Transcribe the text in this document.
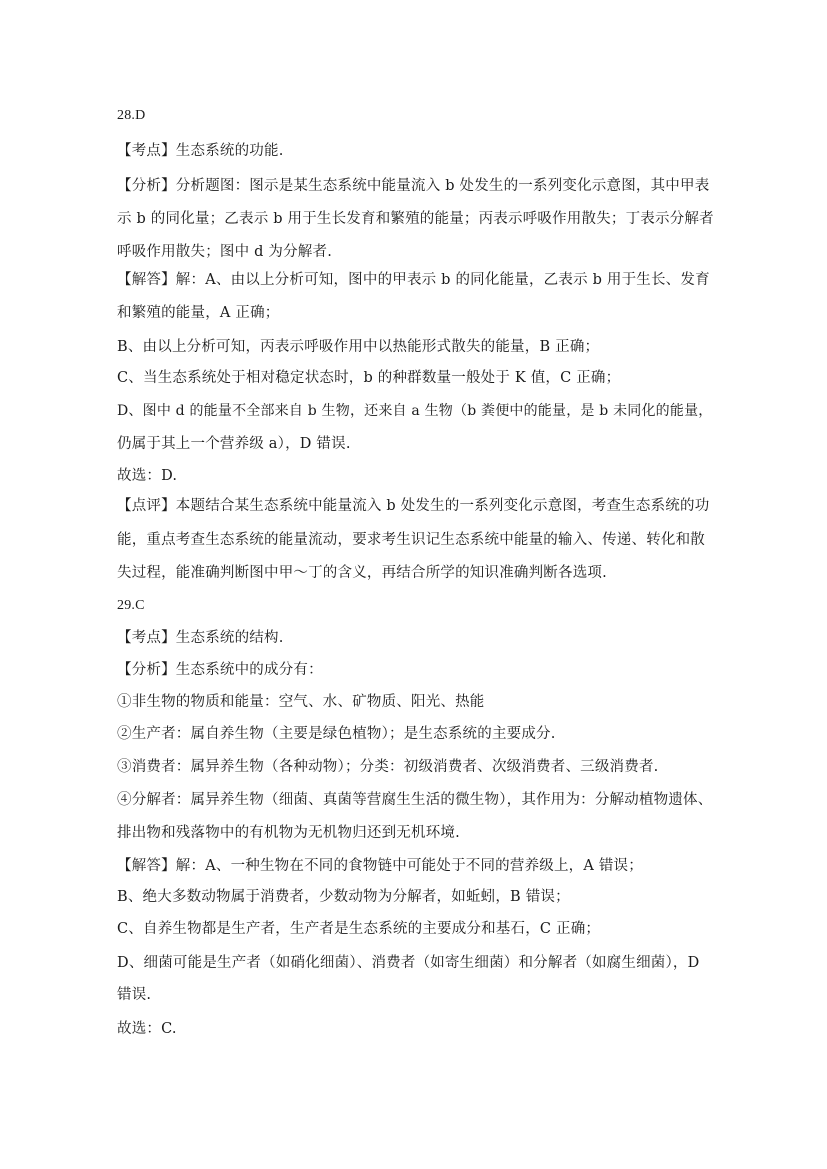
28.D
【考点】生态系统的功能.
【分析】分析题图：图示是某生态系统中能量流入 b 处发生的一系列变化示意图，其中甲表
示 b 的同化量；乙表示 b 用于生长发育和繁殖的能量；丙表示呼吸作用散失；丁表示分解者
呼吸作用散失；图中 d 为分解者.
【解答】解：A、由以上分析可知，图中的甲表示 b 的同化能量，乙表示 b 用于生长、发育
和繁殖的能量，A 正确；
B、由以上分析可知，丙表示呼吸作用中以热能形式散失的能量，B 正确；
C、当生态系统处于相对稳定状态时，b 的种群数量一般处于 K 值，C 正确；
D、图中 d 的能量不全部来自 b 生物，还来自 a 生物（b 粪便中的能量，是 b 未同化的能量，
仍属于其上一个营养级 a），D 错误.
故选：D.
【点评】本题结合某生态系统中能量流入 b 处发生的一系列变化示意图，考查生态系统的功
能，重点考查生态系统的能量流动，要求考生识记生态系统中能量的输入、传递、转化和散
失过程，能准确判断图中甲～丁的含义，再结合所学的知识准确判断各选项.
29.C
【考点】生态系统的结构.
【分析】生态系统中的成分有：
①非生物的物质和能量：空气、水、矿物质、阳光、热能
②生产者：属自养生物（主要是绿色植物）；是生态系统的主要成分.
③消费者：属异养生物（各种动物）；分类：初级消费者、次级消费者、三级消费者.
④分解者：属异养生物（细菌、真菌等营腐生生活的微生物），其作用为：分解动植物遗体、
排出物和残落物中的有机物为无机物归还到无机环境.
【解答】解：A、一种生物在不同的食物链中可能处于不同的营养级上，A 错误；
B、绝大多数动物属于消费者，少数动物为分解者，如蚯蚓，B 错误；
C、自养生物都是生产者，生产者是生态系统的主要成分和基石，C 正确；
D、细菌可能是生产者（如硝化细菌）、消费者（如寄生细菌）和分解者（如腐生细菌），D
错误.
故选：C.
